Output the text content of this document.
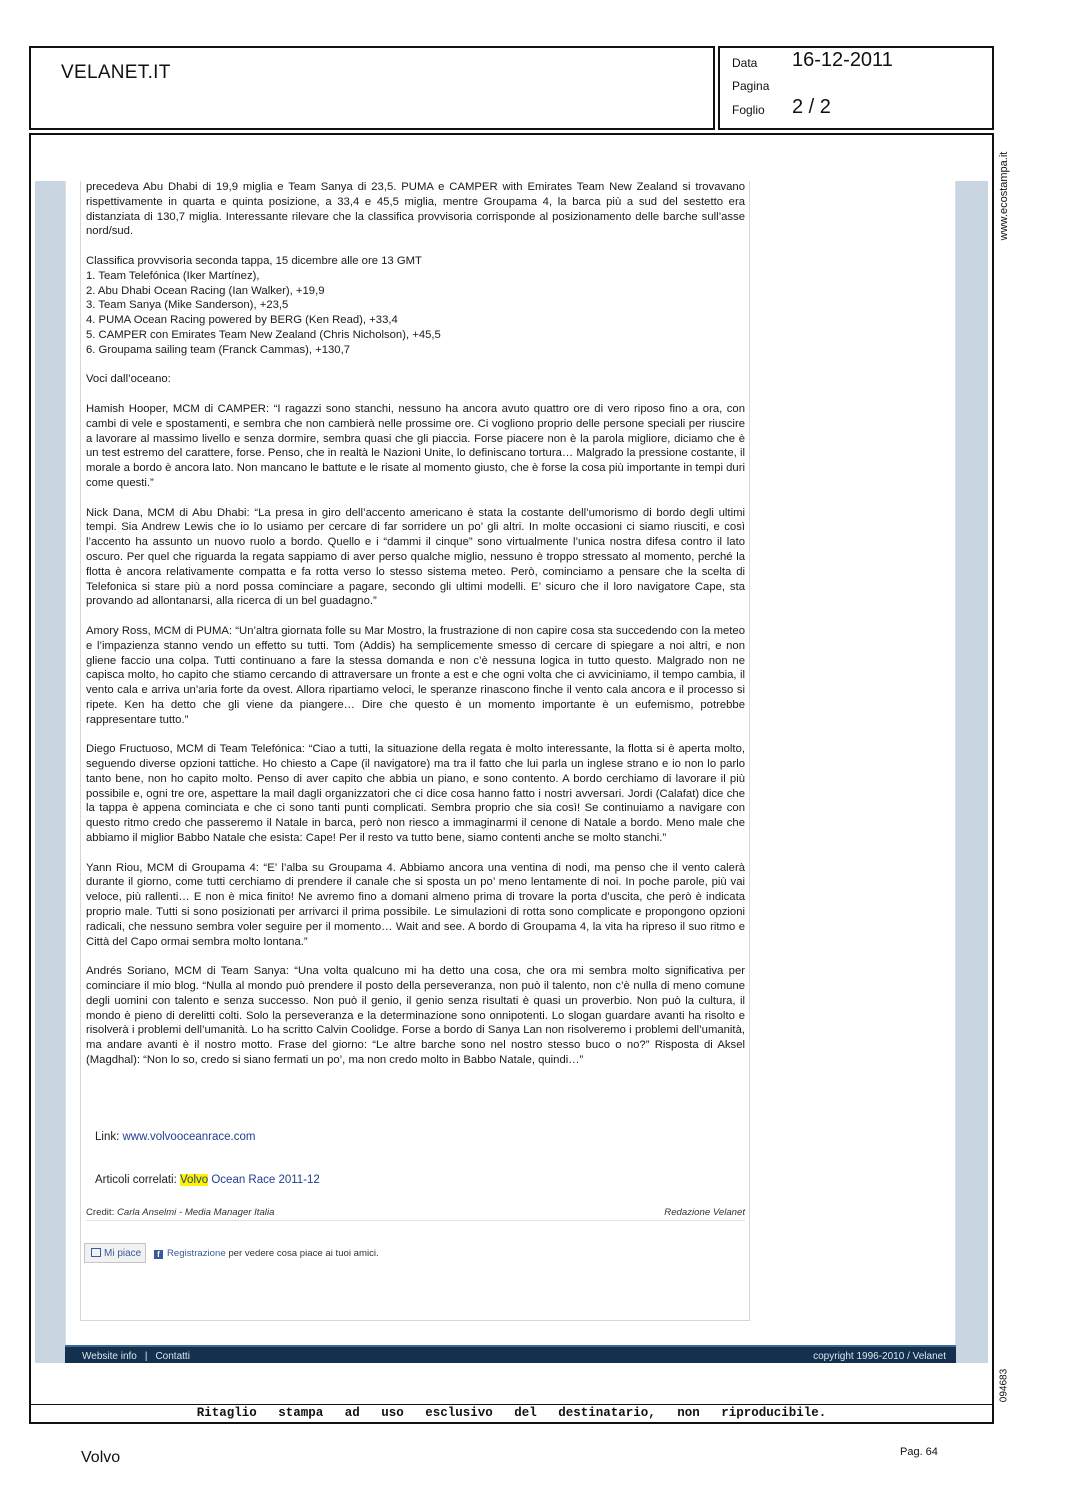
VELANET.IT	Data 16-12-2011
Pagina
Foglio 2 / 2
www.ecostampa.it
094683

precedeva Abu Dhabi di 19,9 miglia e Team Sanya di 23,5. PUMA e CAMPER with Emirates Team New Zealand si trovavano rispettivamente in quarta e quinta posizione, a 33,4 e 45,5 miglia, mentre Groupama 4, la barca più a sud del sestetto era distanziata di 130,7 miglia. Interessante rilevare che la classifica provvisoria corrisponde al posizionamento delle barche sull’asse nord/sud.

Classifica provvisoria seconda tappa, 15 dicembre alle ore 13 GMT
1. Team Telefónica (Iker Martínez),
2. Abu Dhabi Ocean Racing (Ian Walker), +19,9
3. Team Sanya (Mike Sanderson), +23,5
4. PUMA Ocean Racing powered by BERG (Ken Read), +33,4
5. CAMPER con Emirates Team New Zealand (Chris Nicholson), +45,5

6. Groupama sailing team (Franck Cammas), +130,7

Voci dall’oceano:

Hamish Hooper, MCM di CAMPER: “I ragazzi sono stanchi, nessuno ha ancora avuto quattro ore di vero riposo fino a ora, con cambi di vele e spostamenti, e sembra che non cambierà nelle prossime ore. Ci vogliono proprio delle persone speciali per riuscire a lavorare al massimo livello e senza dormire, sembra quasi che gli piaccia. Forse piacere non è la parola migliore, diciamo che è un test estremo del carattere, forse. Penso, che in realtà le Nazioni Unite, lo definiscano tortura… Malgrado la pressione costante, il morale a bordo è ancora lato. Non mancano le battute e le risate al momento giusto, che è forse la cosa più importante in tempi duri come questi.”

Nick Dana, MCM di Abu Dhabi: “La presa in giro dell’accento americano è stata la costante dell’umorismo di bordo degli ultimi tempi. Sia Andrew Lewis che io lo usiamo per cercare di far sorridere un po’ gli altri. In molte occasioni ci siamo riusciti, e così l’accento ha assunto un nuovo ruolo a bordo. Quello e i “dammi il cinque” sono virtualmente l’unica nostra difesa contro il lato oscuro. Per quel che riguarda la regata sappiamo di aver perso qualche miglio, nessuno è troppo stressato al momento, perché la flotta è ancora relativamente compatta e fa rotta verso lo stesso sistema meteo. Però, cominciamo a pensare che la scelta di Telefonica si stare più a nord possa cominciare a pagare, secondo gli ultimi modelli. E’ sicuro che il loro navigatore Cape, sta provando ad allontanarsi, alla ricerca di un bel guadagno.”

Amory Ross, MCM di PUMA: “Un’altra giornata folle su Mar Mostro, la frustrazione di non capire cosa sta succedendo con la meteo e l’impazienza stanno vendo un effetto su tutti. Tom (Addis) ha semplicemente smesso di cercare di spiegare a noi altri, e non gliene faccio una colpa. Tutti continuano a fare la stessa domanda e non c’è nessuna logica in tutto questo. Malgrado non ne capisca molto, ho capito che stiamo cercando di attraversare un fronte a est e che ogni volta che ci avviciniamo, il tempo cambia, il vento cala e arriva un’aria forte da ovest. Allora ripartiamo veloci, le speranze rinascono finche il vento cala ancora e il processo si ripete. Ken ha detto che gli viene da piangere… Dire che questo è un momento importante è un eufemismo, potrebbe rappresentare tutto.”

Diego Fructuoso, MCM di Team Telefónica: “Ciao a tutti, la situazione della regata è molto interessante, la flotta si è aperta molto, seguendo diverse opzioni tattiche. Ho chiesto a Cape (il navigatore) ma tra il fatto che lui parla un inglese strano e io non lo parlo tanto bene, non ho capito molto. Penso di aver capito che abbia un piano, e sono contento. A bordo cerchiamo di lavorare il più possibile e, ogni tre ore, aspettare la mail dagli organizzatori che ci dice cosa hanno fatto i nostri avversari. Jordi (Calafat) dice che la tappa è appena cominciata e che ci sono tanti punti complicati. Sembra proprio che sia così! Se continuiamo a navigare con questo ritmo credo che passeremo il Natale in barca, però non riesco a immaginarmi il cenone di Natale a bordo. Meno male che abbiamo il miglior Babbo Natale che esista: Cape! Per il resto va tutto bene, siamo contenti anche se molto stanchi.”

Yann Riou, MCM di Groupama 4: “E’ l’alba su Groupama 4. Abbiamo ancora una ventina di nodi, ma penso che il vento calerà durante il giorno, come tutti cerchiamo di prendere il canale che si sposta un po’ meno lentamente di noi. In poche parole, più vai veloce, più rallenti… E non è mica finito! Ne avremo fino a domani almeno prima di trovare la porta d’uscita, che però è indicata proprio male. Tutti si sono posizionati per arrivarci il prima possibile. Le simulazioni di rotta sono complicate e propongono opzioni radicali, che nessuno sembra voler seguire per il momento… Wait and see. A bordo di Groupama 4, la vita ha ripreso il suo ritmo e Città del Capo ormai sembra molto lontana.”

Andrés Soriano, MCM di Team Sanya: “Una volta qualcuno mi ha detto una cosa, che ora mi sembra molto significativa per cominciare il mio blog. “Nulla al mondo può prendere il posto della perseveranza, non può il talento, non c’è nulla di meno comune degli uomini con talento e senza successo. Non può il genio, il genio senza risultati è quasi un proverbio. Non può la cultura, il mondo è pieno di derelitti colti. Solo la perseveranza e la determinazione sono onnipotenti. Lo slogan guardare avanti ha risolto e risolverà i problemi dell’umanità. Lo ha scritto Calvin Coolidge. Forse a bordo di Sanya Lan non risolveremo i problemi dell’umanità, ma andare avanti è il nostro motto. Frase del giorno: “Le altre barche sono nel nostro stesso buco o no?” Risposta di Aksel (Magdhal): “Non lo so, credo si siano fermati un po’, ma non credo molto in Babbo Natale, quindi…”

Link: www.volvooceanrace.com
Articoli correlati: Volvo Ocean Race 2011-12
Credit: Carla Anselmi - Media Manager Italia	Redazione Velanet
Mi piace	f Registrazione per vedere cosa piace ai tuoi amici.
Website info | Contatti	copyright 1996-2010 / Velanet
Ritaglio stampa ad uso esclusivo del destinatario, non riproducibile.
Volvo	Pag. 64
